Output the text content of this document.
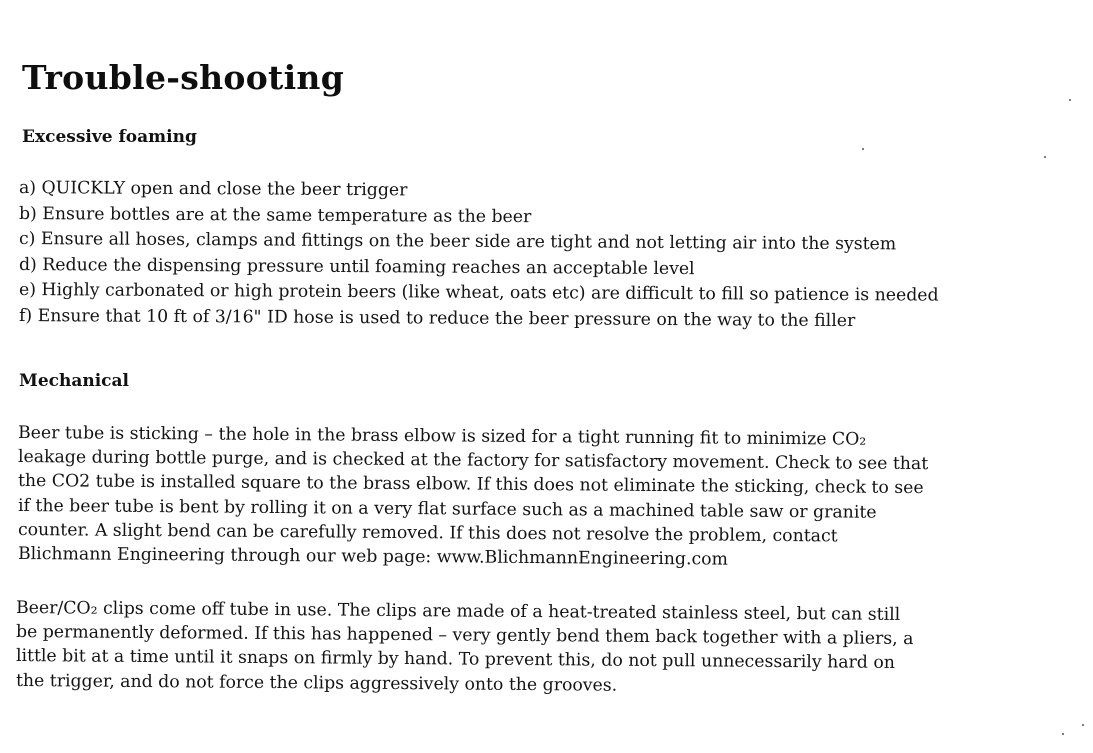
Trouble-shooting
Excessive foaming
a) QUICKLY open and close the beer trigger
b) Ensure bottles are at the same temperature as the beer
c) Ensure all hoses, clamps and fittings on the beer side are tight and not letting air into the system
d) Reduce the dispensing pressure until foaming reaches an acceptable level
e) Highly carbonated or high protein beers (like wheat, oats etc) are difficult to fill so patience is needed
f) Ensure that 10 ft of 3/16" ID hose is used to reduce the beer pressure on the way to the filler
Mechanical

Beer tube is sticking – the hole in the brass elbow is sized for a tight running fit to minimize CO₂
leakage during bottle purge, and is checked at the factory for satisfactory movement. Check to see that
the CO2 tube is installed square to the brass elbow. If this does not eliminate the sticking, check to see
if the beer tube is bent by rolling it on a very flat surface such as a machined table saw or granite
counter. A slight bend can be carefully removed. If this does not resolve the problem, contact
Blichmann Engineering through our web page: www.BlichmannEngineering.com

Beer/CO₂ clips come off tube in use. The clips are made of a heat-treated stainless steel, but can still
be permanently deformed. If this has happened – very gently bend them back together with a pliers, a
little bit at a time until it snaps on firmly by hand. To prevent this, do not pull unnecessarily hard on
the trigger, and do not force the clips aggressively onto the grooves.
